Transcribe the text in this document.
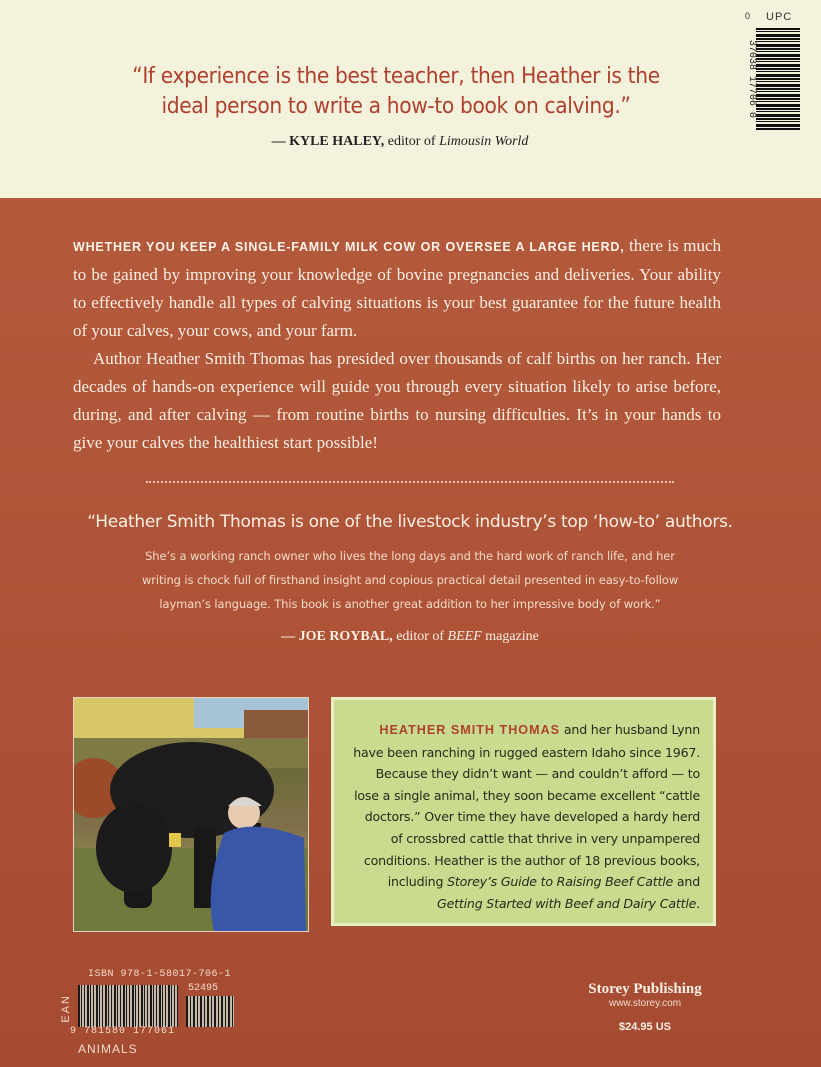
0 UPC
37038 17706 0
“If experience is the best teacher, then Heather is the ideal person to write a how-to book on calving.”
— KYLE HALEY, editor of Limousin World

WHETHER YOU KEEP A SINGLE-FAMILY MILK COW OR OVERSEE A LARGE HERD, there is much to be gained by improving your knowledge of bovine pregnancies and deliveries. Your ability to effectively handle all types of calving situations is your best guarantee for the future health of your calves, your cows, and your farm.

Author Heather Smith Thomas has presided over thousands of calf births on her ranch. Her decades of hands-on experience will guide you through every situation likely to arise before, during, and after calving — from routine births to nursing difficulties. It’s in your hands to give your calves the healthiest start possible!

“Heather Smith Thomas is one of the livestock industry’s top ‘how-to’ authors.
She’s a working ranch owner who lives the long days and the hard work of ranch life, and her writing is chock full of firsthand insight and copious practical detail presented in easy-to-follow layman’s language. This book is another great addition to her impressive body of work.”
— JOE ROYBAL, editor of BEEF magazine
HEATHER SMITH THOMAS and her husband Lynn have been ranching in rugged eastern Idaho since 1967. Because they didn’t want — and couldn’t afford — to lose a single animal, they soon became excellent “cattle doctors.” Over time they have developed a hardy herd of crossbred cattle that thrive in very unpampered conditions. Heather is the author of 18 previous books, including Storey’s Guide to Raising Beef Cattle and Getting Started with Beef and Dairy Cattle.
ISBN 978-1-58017-706-1
EAN
52495
9 781580 177061
ANIMALS
Storey Publishing
www.storey.com
$24.95 US
